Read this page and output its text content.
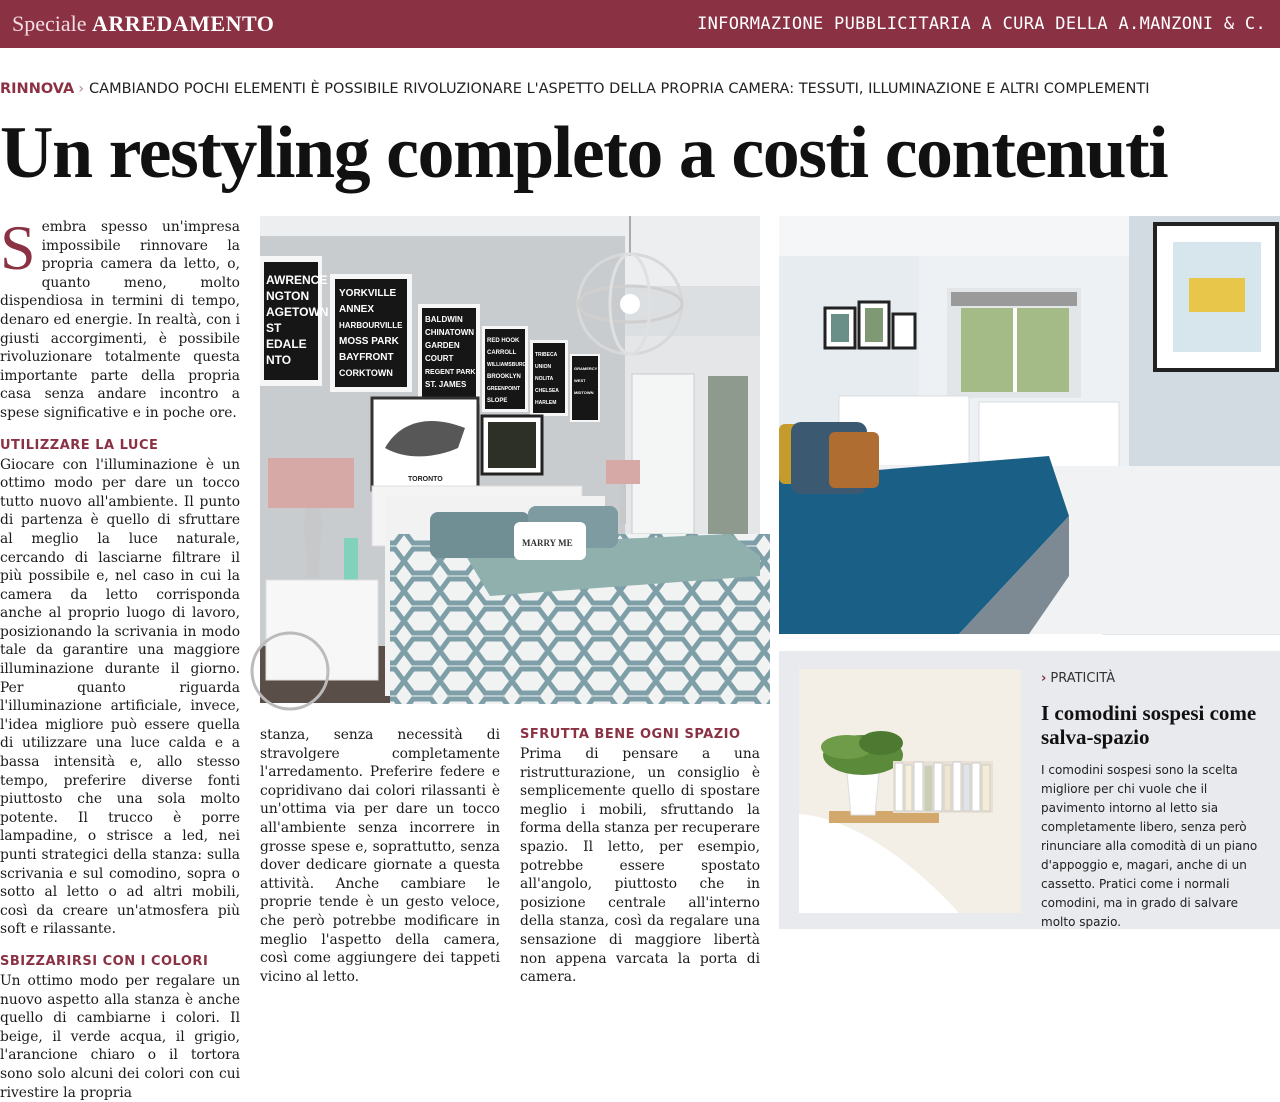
Speciale ARREDAMENTO	INFORMAZIONE PUBBLICITARIA A CURA DELLA A.MANZONI & C.
RINNOVA › CAMBIANDO POCHI ELEMENTI È POSSIBILE RIVOLUZIONARE L'ASPETTO DELLA PROPRIA CAMERA: TESSUTI, ILLUMINAZIONE E ALTRI COMPLEMENTI
Un restyling completo a costi contenuti
S embra spesso un'impresa impossibile rinnovare la propria camera da letto, o, quanto meno, molto dispendiosa in termini di tempo, denaro ed energie. In realtà, con i giusti accorgimenti, è possibile rivoluzionare totalmente questa importante parte della propria casa senza andare incontro a spese significative e in poche ore.

UTILIZZARE LA LUCE

Giocare con l'illuminazione è un ottimo modo per dare un tocco tutto nuovo all'ambiente. Il punto di partenza è quello di sfruttare al meglio la luce naturale, cercando di lasciarne filtrare il più possibile e, nel caso in cui la camera da letto corrisponda anche al proprio luogo di lavoro, posizionando la scrivania in modo tale da garantire una maggiore illuminazione durante il giorno. Per quanto riguarda l'illuminazione artificiale, invece, l'idea migliore può essere quella di utilizzare una luce calda e a bassa intensità e, allo stesso tempo, preferire diverse fonti piuttosto che una sola molto potente. Il trucco è porre lampadine, o strisce a led, nei punti strategici della stanza: sulla scrivania e sul comodino, sopra o sotto al letto o ad altri mobili, così da creare un'atmosfera più soft e rilassante.

SBIZZARIRSI CON I COLORI

Un ottimo modo per regalare un nuovo aspetto alla stanza è anche quello di cambiarne i colori. Il beige, il verde acqua, il grigio, l'arancione chiaro o il tortora sono solo alcuni dei colori con cui rivestire la propria

stanza, senza necessità di stravolgere completamente l'arredamento. Preferire federe e copridivano dai colori rilassanti è un'ottima via per dare un tocco all'ambiente senza incorrere in grosse spese e, soprattutto, senza dover dedicare giornate a questa attività. Anche cambiare le proprie tende è un gesto veloce, che però potrebbe modificare in meglio l'aspetto della camera, così come aggiungere dei tappeti vicino al letto.

SFRUTTA BENE OGNI SPAZIO

Prima di pensare a una ristrutturazione, un consiglio è semplicemente quello di spostare meglio i mobili, sfruttando la forma della stanza per recuperare spazio. Il letto, per esempio, potrebbe essere spostato all'angolo, piuttosto che in posizione centrale all'interno della stanza, così da regalare una sensazione di maggiore libertà non appena varcata la porta di camera.

AWRENCE
NGTON
AGETOWN
ST
EDALE
NTO
YORKVILLE
ANNEX
HARBOURVILLE
MOSS PARK
BAYFRONT
CORKTOWN
BALDWIN
CHINATOWN
GARDEN
COURT
REGENT PARK
ST. JAMES
RED HOOK
CARROLL
WILLIAMSBURG
BROOKLYN
GREENPOINT
SLOPE
TRIBECA
UNION
NOLITA
CHELSEA
HARLEM
GRAMERCY
WEST
MIDTOWN
TORONTO
MARRY ME
› PRATICITÀ
I comodini sospesi come salva-spazio
I comodini sospesi sono la scelta migliore per chi vuole che il pavimento intorno al letto sia completamente libero, senza però rinunciare alla comodità di un piano d'appoggio e, magari, anche di un cassetto. Pratici come i normali comodini, ma in grado di salvare molto spazio.
